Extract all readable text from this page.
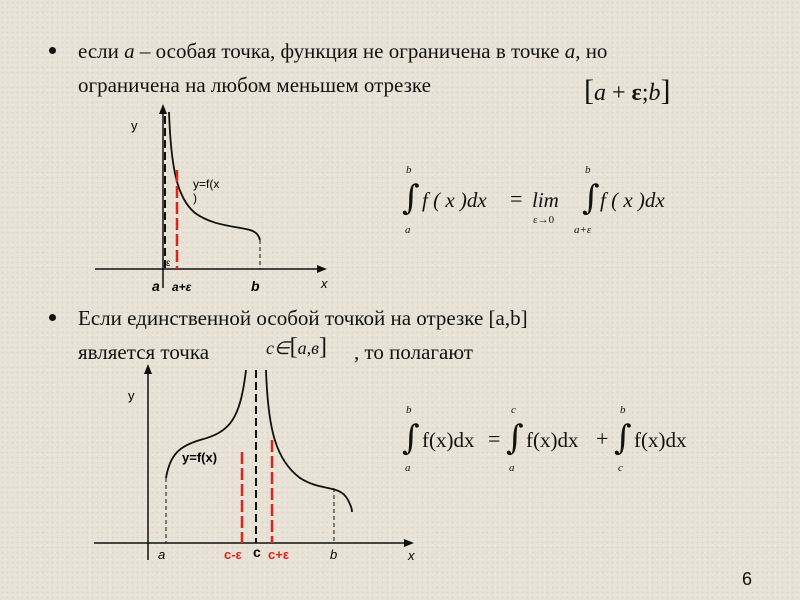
если a – особая точка, функция не ограничена в точке a, но
ограничена на любом меньшем отрезке	[a + ε;b]
y
x
y=f(x
)
ε
a a+ε	b
∫
b
a
f ( x )dx = lim
ε→0
∫
b
a+ε
f ( x )dx
Если единственной особой точкой на отрезке [a,b]
является точка	c∈[a,в] , то полагают
y
x
y=f(x)
a	c-ε c c+ε	b
∫
b
a
f(x)dx = ∫
c
a
f(x)dx + ∫
b
c
f(x)dx
6
